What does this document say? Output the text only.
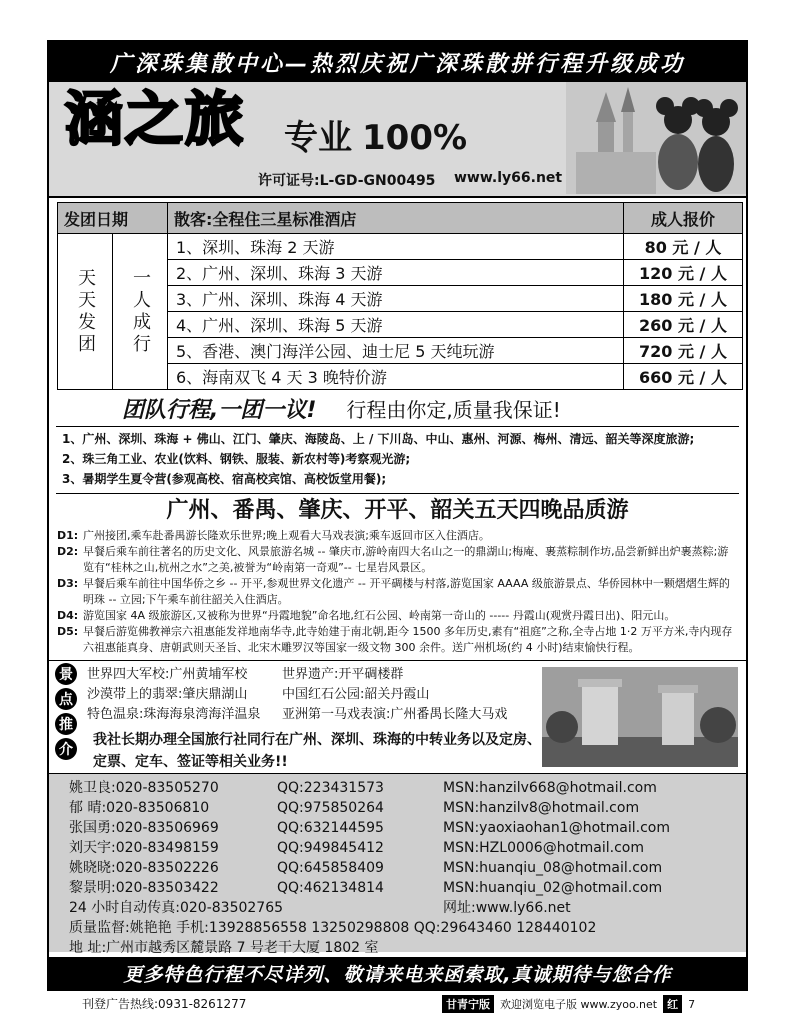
广深珠集散中心—热烈庆祝广深珠散拼行程升级成功
涵之旅 专业 100%
许可证号:L-GD-GN00495 www.ly66.net
发团日期		散客:全程住三星标准酒店	成人报价
天天发团	一人成行	1、深圳、珠海 2 天游	80 元 / 人
		2、广州、深圳、珠海 3 天游	120 元 / 人
		3、广州、深圳、珠海 4 天游	180 元 / 人
		4、广州、深圳、珠海 5 天游	260 元 / 人
		5、香港、澳门海洋公园、迪士尼 5 天纯玩游	720 元 / 人
		6、海南双飞 4 天 3 晚特价游	660 元 / 人
团队行程,一团一议! 行程由你定,质量我保证!
1、广州、深圳、珠海 + 佛山、江门、肇庆、海陵岛、上 / 下川岛、中山、惠州、河源、梅州、清远、韶关等深度旅游;
2、珠三角工业、农业(饮料、钢铁、服装、新农村等)考察观光游;
3、暑期学生夏令营(参观高校、宿高校宾馆、高校饭堂用餐);
广州、番禺、肇庆、开平、韶关五天四晚品质游
D1: 广州接团,乘车赴番禺游长隆欢乐世界;晚上观看大马戏表演;乘车返回市区入住酒店。
D2: 早餐后乘车前往著名的历史文化、风景旅游名城 -- 肇庆市,游岭南四大名山之一的鼎湖山;梅庵、裹蒸粽制作坊,品尝新鲜出炉裹蒸粽;游览有“桂林之山,杭州之水”之美,被誉为“岭南第一奇观”-- 七星岩风景区。
D3: 早餐后乘车前往中国华侨之乡 -- 开平,参观世界文化遗产 -- 开平碉楼与村落,游览国家 AAAA 级旅游景点、华侨园林中一颗熠熠生辉的明珠 -- 立园;下午乘车前往韶关入住酒店。
D4: 游览国家 4A 级旅游区,又被称为世界“丹霞地貌”命名地,红石公园、岭南第一奇山的 ----- 丹霞山(观赏丹霞日出)、阳元山。
D5: 早餐后游览佛教禅宗六祖惠能发祥地南华寺,此寺始建于南北朝,距今 1500 多年历史,素有“祖庭”之称,全寺占地 1·2 万平方米,寺内现存六祖惠能真身、唐朝武则天圣旨、北宋木雕罗汉等国家一级文物 300 余件。送广州机场(约 4 小时)结束愉快行程。
景
点
推
介
世界四大军校:广州黄埔军校	世界遗产:开平碉楼群
沙漠带上的翡翠:肇庆鼎湖山	中国红石公园:韶关丹霞山
特色温泉:珠海海泉湾海洋温泉	亚洲第一马戏表演:广州番禺长隆大马戏
我社长期办理全国旅行社同行在广州、深圳、珠海的中转业务以及定房、定票、定车、签证等相关业务!!
姚卫良:020-83505270	QQ:223431573	MSN:hanzilv668@hotmail.com
郁 晴:020-83506810	QQ:975850264	MSN:hanzilv8@hotmail.com
张国勇:020-83506969	QQ:632144595	MSN:yaoxiaohan1@hotmail.com
刘天宇:020-83498159	QQ:949845412	MSN:HZL0006@hotmail.com
姚晓晓:020-83502226	QQ:645858409	MSN:huanqiu_08@hotmail.com
黎景明:020-83503422	QQ:462134814	MSN:huanqiu_02@hotmail.com
24 小时自动传真:020-83502765	网址:www.ly66.net
质量监督:姚艳艳 手机:13928856558 13250298808 QQ:29643460 128440102
地 址:广州市越秀区麓景路 7 号老干大厦 1802 室
更多特色行程不尽详列、敬请来电来函索取,真诚期待与您合作
刊登广告热线:0931-8261277	甘青宁版 欢迎浏览电子版 www.zyoo.net 红 7
